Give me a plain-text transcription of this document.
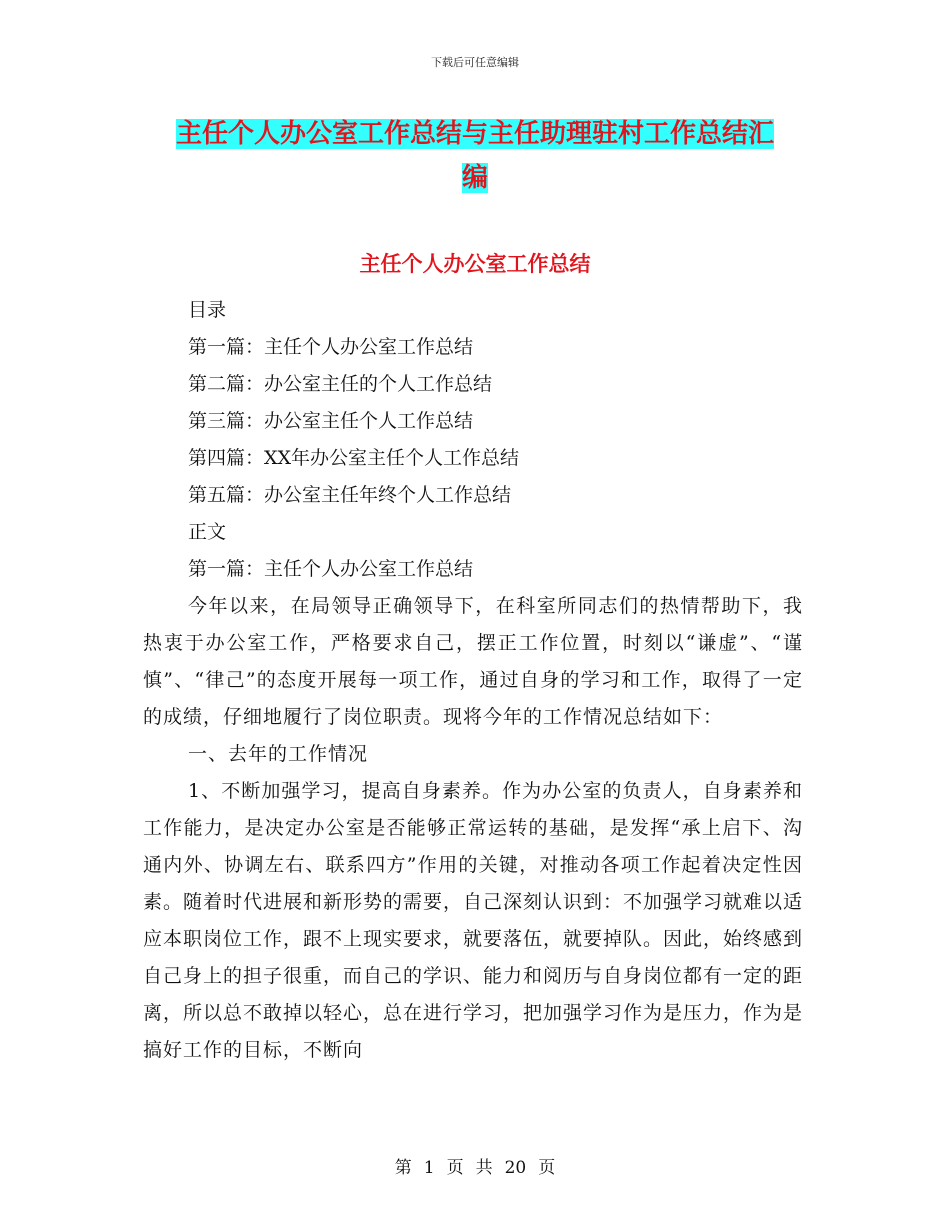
下载后可任意编辑
主任个人办公室工作总结与主任助理驻村工作总结汇
编
主任个人办公室工作总结
目录
第一篇：主任个人办公室工作总结
第二篇：办公室主任的个人工作总结
第三篇：办公室主任个人工作总结
第四篇：XX年办公室主任个人工作总结
第五篇：办公室主任年终个人工作总结
正文
第一篇：主任个人办公室工作总结
今年以来，在局领导正确领导下，在科室所同志们的热情帮助下，我热衷于办公室工作，严格要求自己，摆正工作位置，时刻以“谦虚”、“谨慎”、“律己”的态度开展每一项工作，通过自身的学习和工作，取得了一定的成绩，仔细地履行了岗位职责。现将今年的工作情况总结如下：
一、去年的工作情况
1、不断加强学习，提高自身素养。作为办公室的负责人，自身素养和工作能力，是决定办公室是否能够正常运转的基础，是发挥“承上启下、沟通内外、协调左右、联系四方”作用的关键，对推动各项工作起着决定性因素。随着时代进展和新形势的需要，自己深刻认识到：不加强学习就难以适应本职岗位工作，跟不上现实要求，就要落伍，就要掉队。因此，始终感到自己身上的担子很重，而自己的学识、能力和阅历与自身岗位都有一定的距离，所以总不敢掉以轻心，总在进行学习，把加强学习作为是压力，作为是搞好工作的目标，不断向
第 1 页 共 20 页
